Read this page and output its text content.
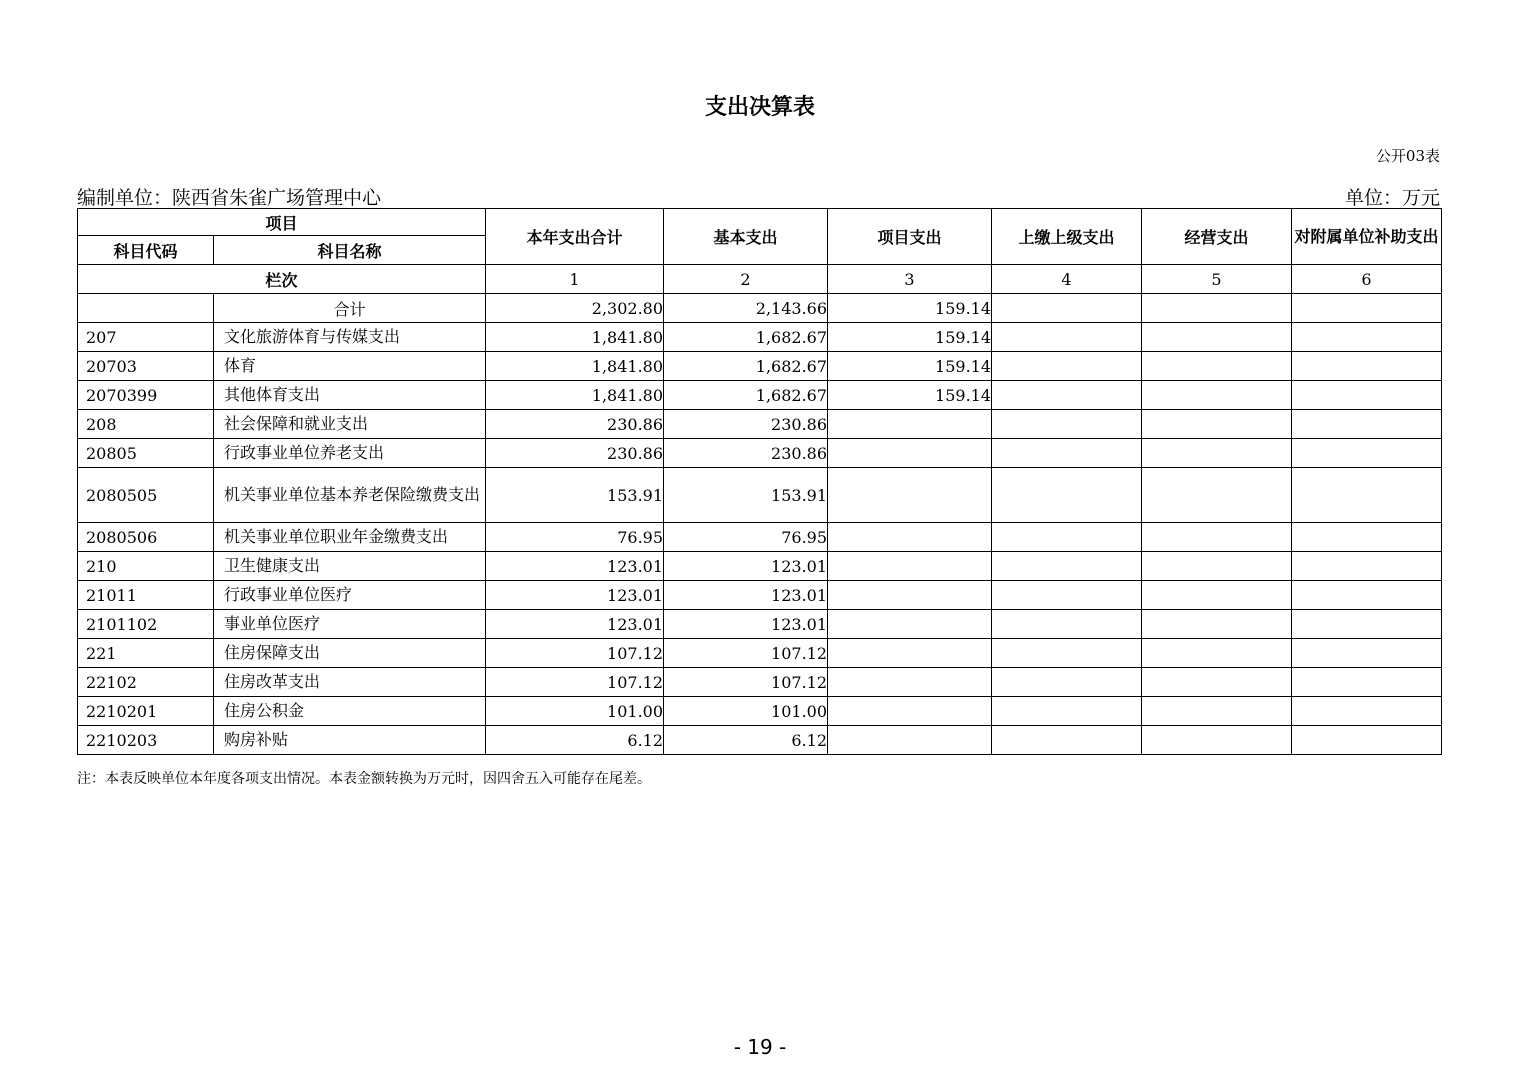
支出决算表
公开03表
编制单位：陕西省朱雀广场管理中心	单位：万元
项目		本年支出合计	基本支出	项目支出	上缴上级支出	经营支出	对附属单位补助支出
科目代码	科目名称						
栏次		1	2	3	4	5	6
	合计	2,302.80	2,143.66	159.14			
207	文化旅游体育与传媒支出	1,841.80	1,682.67	159.14			
20703	体育	1,841.80	1,682.67	159.14			
2070399	其他体育支出	1,841.80	1,682.67	159.14			
208	社会保障和就业支出	230.86	230.86				
20805	行政事业单位养老支出	230.86	230.86				
2080505	机关事业单位基本养老保险缴费支出	153.91	153.91				
2080506	机关事业单位职业年金缴费支出	76.95	76.95				
210	卫生健康支出	123.01	123.01				
21011	行政事业单位医疗	123.01	123.01				
2101102	事业单位医疗	123.01	123.01				
221	住房保障支出	107.12	107.12				
22102	住房改革支出	107.12	107.12				
2210201	住房公积金	101.00	101.00				
2210203	购房补贴	6.12	6.12				
注：本表反映单位本年度各项支出情况。本表金额转换为万元时，因四舍五入可能存在尾差。
- 19 -
